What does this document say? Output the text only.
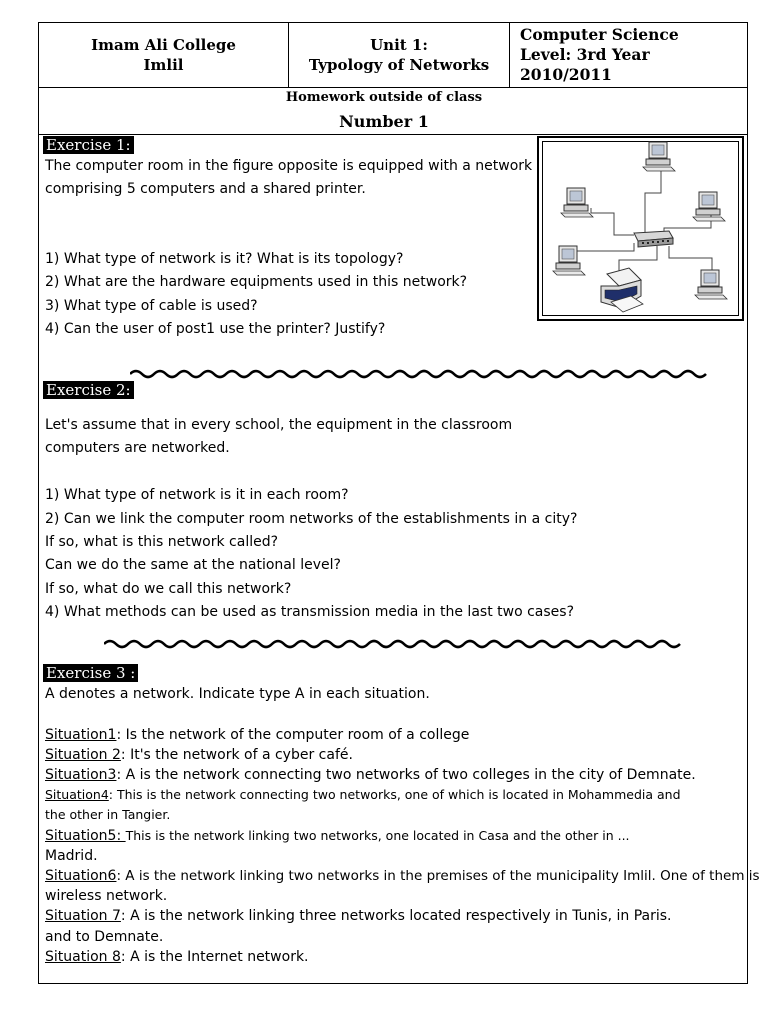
Imam Ali College
Imlil
Unit 1:
Typology of Networks
Computer Science
Level: 3rd Year
2010/2011
Homework outside of class
Number 1
Exercise 1:
The computer room in the figure opposite is equipped with a network
comprising 5 computers and a shared printer.
1) What type of network is it? What is its topology?
2) What are the hardware equipments used in this network?
3) What type of cable is used?
4) Can the user of post1 use the printer? Justify?
Exercise 2:
Let's assume that in every school, the equipment in the classroom
computers are networked.
1) What type of network is it in each room?
2) Can we link the computer room networks of the establishments in a city?
If so, what is this network called?
Can we do the same at the national level?
If so, what do we call this network?
4) What methods can be used as transmission media in the last two cases?
Exercise 3 :
A denotes a network. Indicate type A in each situation.
Situation1: Is the network of the computer room of a college
Situation 2: It's the network of a cyber café.
Situation3: A is the network connecting two networks of two colleges in the city of Demnate.
Situation4: This is the network connecting two networks, one of which is located in Mohammedia and
the other in Tangier.
Situation5: This is the network linking two networks, one located in Casa and the other in ...
Madrid.
Situation6: A is the network linking two networks in the premises of the municipality Imlil. One of them is
wireless network.
Situation 7: A is the network linking three networks located respectively in Tunis, in Paris.
and to Demnate.
Situation 8: A is the Internet network.
